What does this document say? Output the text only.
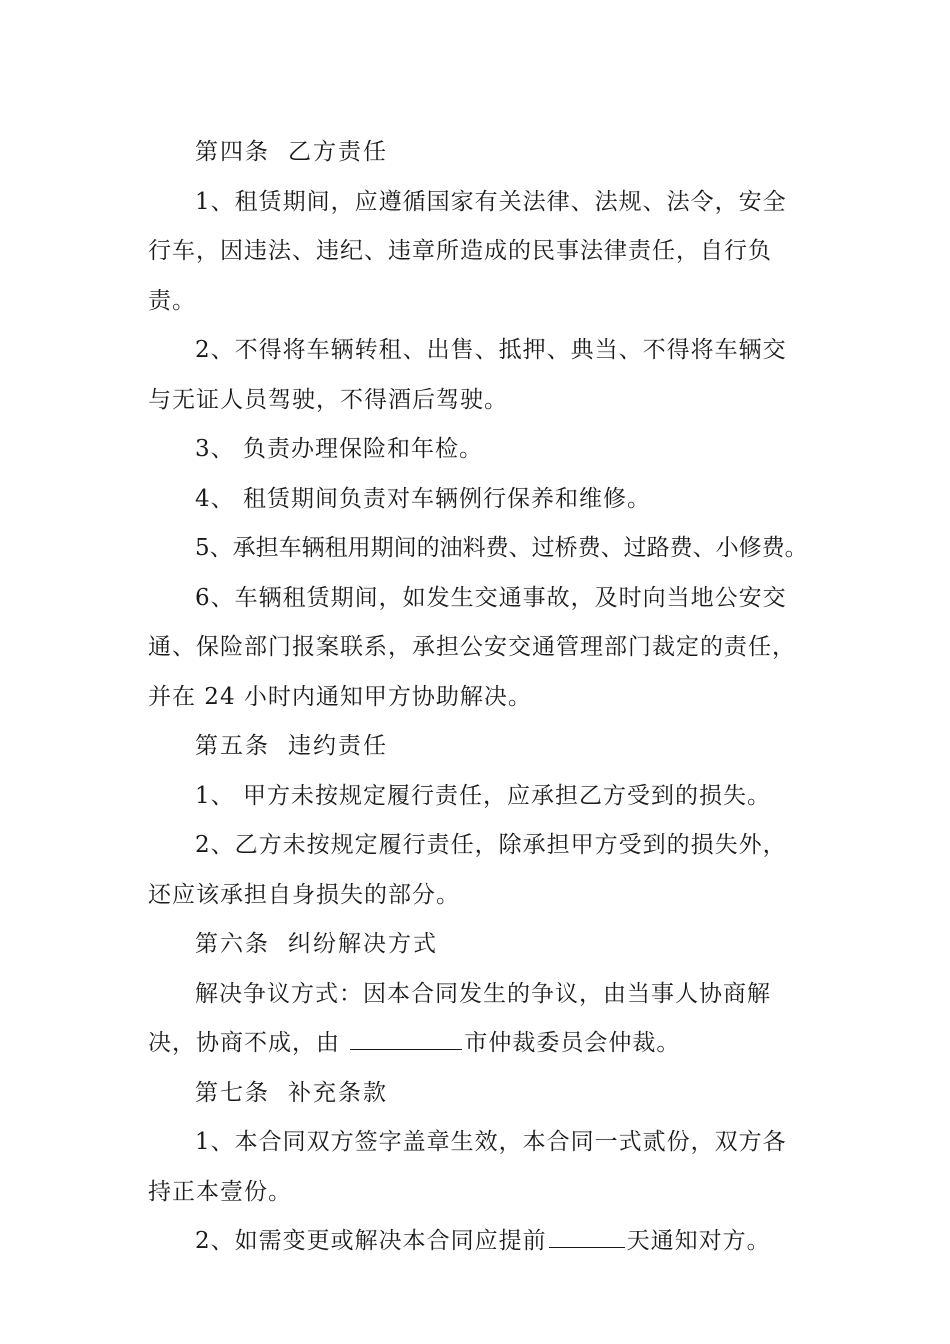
第四条 乙方责任

1、租赁期间，应遵循国家有关法律、法规、法令，安全行车，因违法、违纪、违章所造成的民事法律责任，自行负责。

2、不得将车辆转租、出售、抵押、典当、不得将车辆交与无证人员驾驶，不得酒后驾驶。

3、 负责办理保险和年检。

4、 租赁期间负责对车辆例行保养和维修。

5、承担车辆租用期间的油料费、过桥费、过路费、小修费。

6、车辆租赁期间，如发生交通事故，及时向当地公安交通、保险部门报案联系，承担公安交通管理部门裁定的责任，并在 24 小时内通知甲方协助解决。

第五条 违约责任

1、 甲方未按规定履行责任，应承担乙方受到的损失。

2、乙方未按规定履行责任，除承担甲方受到的损失外，还应该承担自身损失的部分。

第六条 纠纷解决方式

解决争议方式：因本合同发生的争议，由当事人协商解决，协商不成，由	市仲裁委员会仲裁。

第七条 补充条款

1、本合同双方签字盖章生效，本合同一式贰份，双方各持正本壹份。

2、如需变更或解决本合同应提前	天通知对方。
